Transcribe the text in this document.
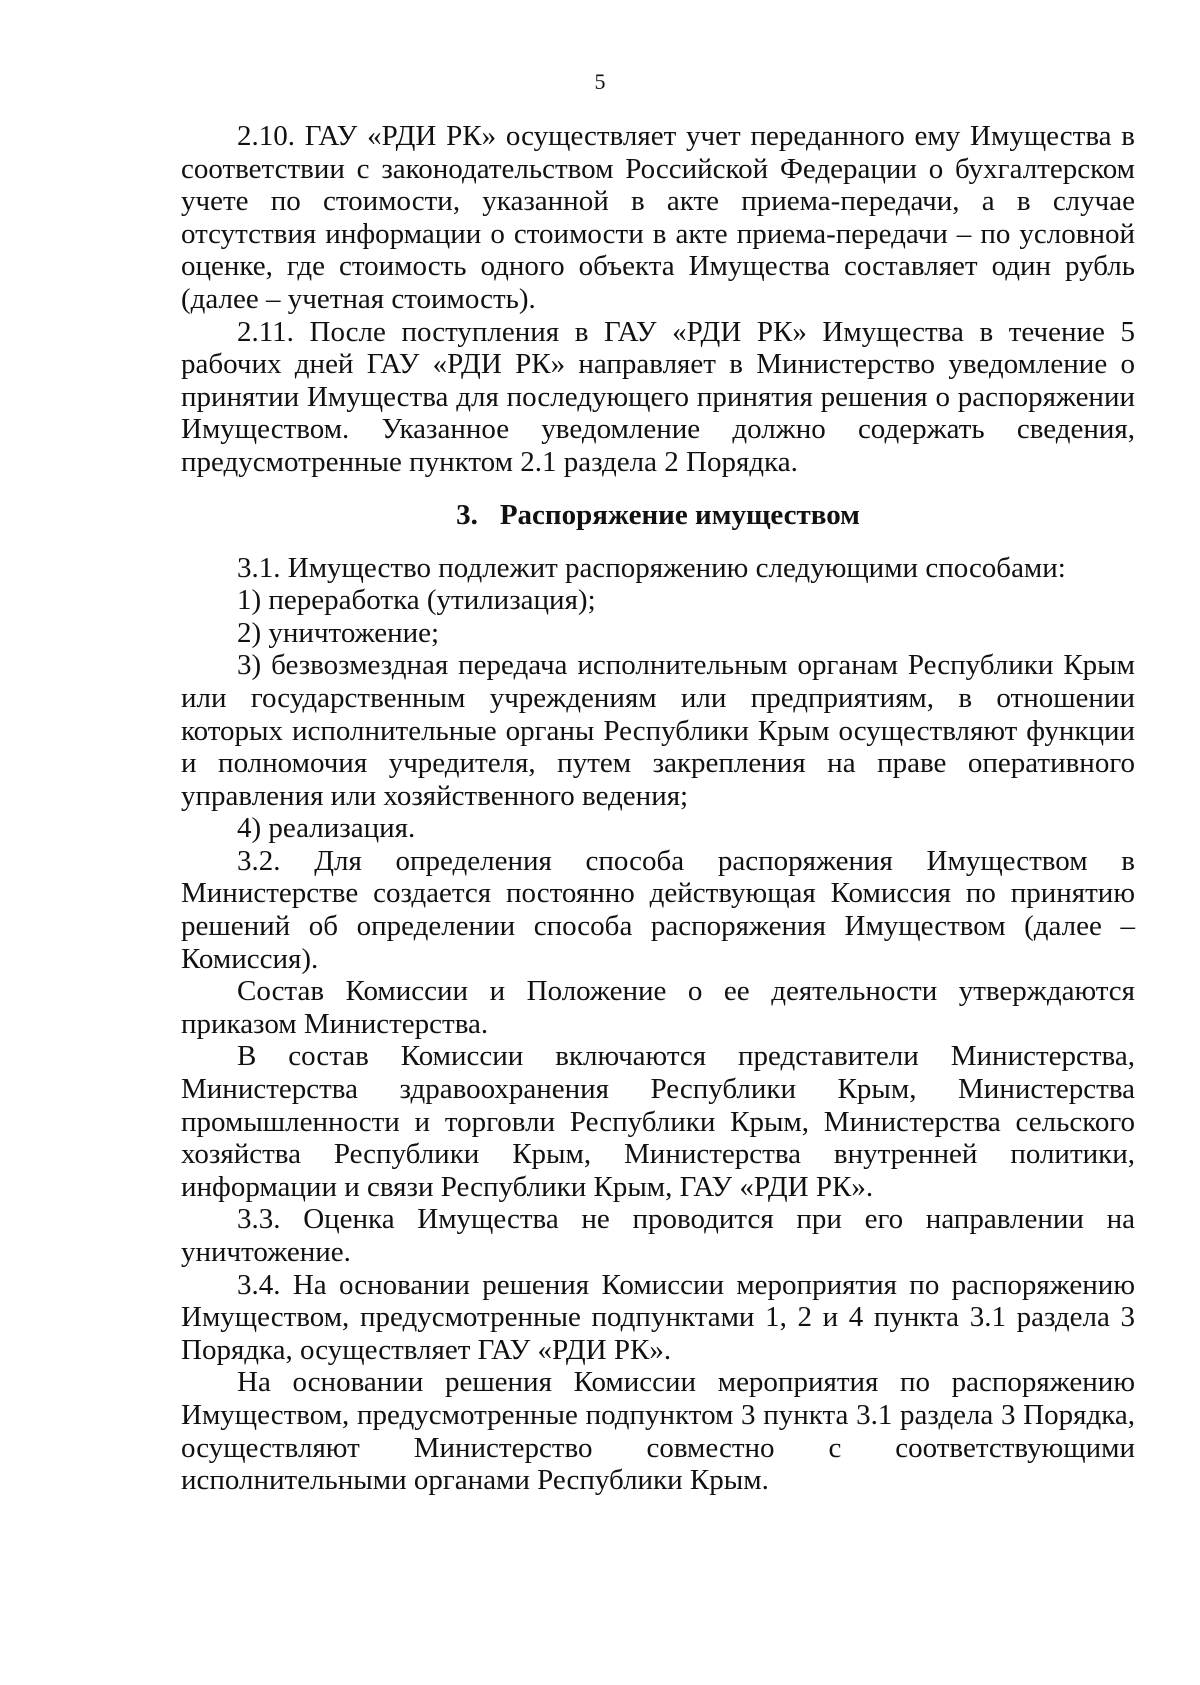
5

2.10. ГАУ «РДИ РК» осуществляет учет переданного ему Имущества в соответствии с законодательством Российской Федерации о бухгалтерском учете по стоимости, указанной в акте приема-передачи, а в случае отсутствия информации о стоимости в акте приема-передачи – по условной оценке, где стоимость одного объекта Имущества составляет один рубль (далее – учетная стоимость).

2.11. После поступления в ГАУ «РДИ РК» Имущества в течение 5 рабочих дней ГАУ «РДИ РК» направляет в Министерство уведомление о принятии Имущества для последующего принятия решения о распоряжении Имуществом. Указанное уведомление должно содержать сведения, предусмотренные пунктом 2.1 раздела 2 Порядка.

3. Распоряжение имуществом

3.1. Имущество подлежит распоряжению следующими способами:

1) переработка (утилизация);

2) уничтожение;

3) безвозмездная передача исполнительным органам Республики Крым или государственным учреждениям или предприятиям, в отношении которых исполнительные органы Республики Крым осуществляют функции и полномочия учредителя, путем закрепления на праве оперативного управления или хозяйственного ведения;

4) реализация.

3.2. Для определения способа распоряжения Имуществом в Министерстве создается постоянно действующая Комиссия по принятию решений об определении способа распоряжения Имуществом (далее – Комиссия).

Состав Комиссии и Положение о ее деятельности утверждаются приказом Министерства.

В состав Комиссии включаются представители Министерства, Министерства здравоохранения Республики Крым, Министерства промышленности и торговли Республики Крым, Министерства сельского хозяйства Республики Крым, Министерства внутренней политики, информации и связи Республики Крым, ГАУ «РДИ РК».

3.3. Оценка Имущества не проводится при его направлении на уничтожение.

3.4. На основании решения Комиссии мероприятия по распоряжению Имуществом, предусмотренные подпунктами 1, 2 и 4 пункта 3.1 раздела 3 Порядка, осуществляет ГАУ «РДИ РК».

На основании решения Комиссии мероприятия по распоряжению Имуществом, предусмотренные подпунктом 3 пункта 3.1 раздела 3 Порядка, осуществляют Министерство совместно с соответствующими исполнительными органами Республики Крым.
